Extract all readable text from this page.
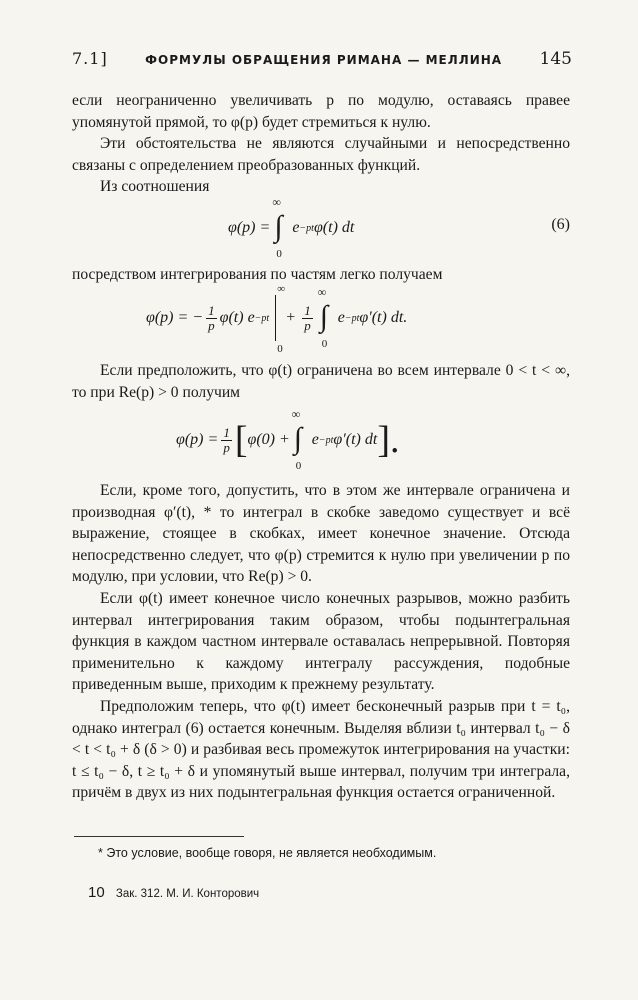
7.1]	ФОРМУЛЫ ОБРАЩЕНИЯ РИМАНА — МЕЛЛИНА 145

если неограниченно увеличивать p по модулю, оставаясь правее упомянутой прямой, то φ(p) будет стремиться к нулю.

Эти обстоятельства не являются случайными и непосредственно связаны с определением преобразованных функций.

Из соотношения

φ(p) =
∞
∫
0
e −pt φ(t) dt	(6)

посредством интегрирования по частям легко получаем

φ(p) = − $\frac{1}{p} \varphi(t)$ e −pt
∞
0
+ $\frac{1}{p}$
∞
∫
0
e −pt φ′(t) dt.

Если предположить, что φ(t) ограничена во всем интервале 0 < t < ∞, то при Re(p) > 0 получим

$\varphi(p) = \frac{1}{p}$ [ φ(0) +
∞
∫
0
e −pt φ′(t) dt ].

Если, кроме того, допустить, что в этом же интервале ограничена и производная φ′(t), * то интеграл в скобке заведомо существует и всё выражение, стоящее в скобках, имеет конечное значение. Отсюда непосредственно следует, что φ(p) стремится к нулю при увеличении p по модулю, при условии, что Re(p) > 0.

Если φ(t) имеет конечное число конечных разрывов, можно разбить интервал интегрирования таким образом, чтобы подынтегральная функция в каждом частном интервале оставалась непрерывной. Повторяя применительно к каждому интегралу рассуждения, подобные приведенным выше, приходим к прежнему результату.

Предположим теперь, что φ(t) имеет бесконечный разрыв при t = t₀, однако интеграл (6) остается конечным. Выделяя вблизи t₀ интервал t₀ − δ < t < t₀ + δ (δ > 0) и разбивая весь промежуток интегрирования на участки: t ≤ t₀ − δ, t ≥ t₀ + δ и упомянутый выше интервал, получим три интеграла, причём в двух из них подынтегральная функция остается ограниченной.

* Это условие, вообще говоря, не является необходимым.
10 Зак. 312. М. И. Конторович
